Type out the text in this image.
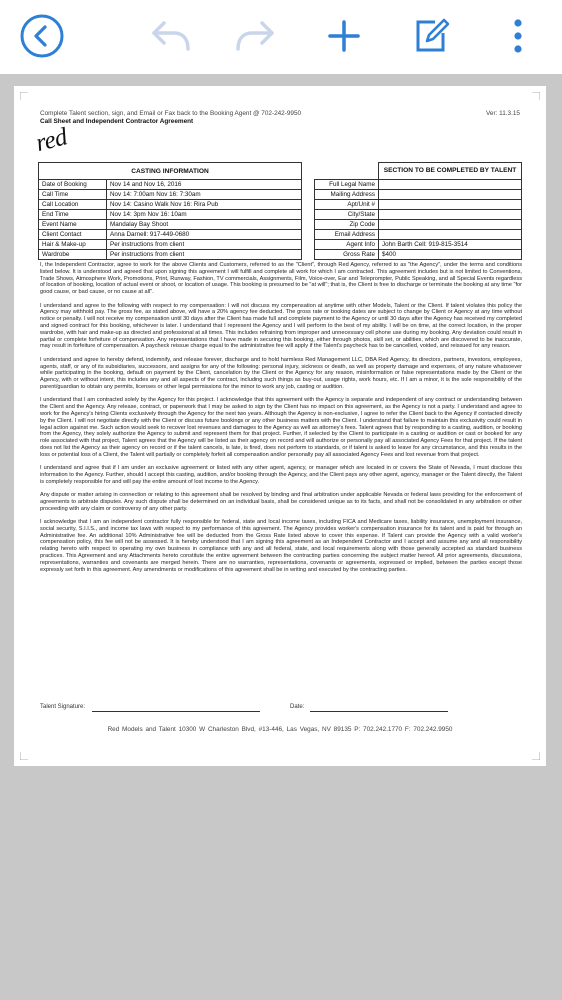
Complete Talent section, sign, and Email or Fax back to the Booking Agent @ 702-242-9950	Ver: 11.3.15
Call Sheet and Independent Contractor Agreement
red
CASTING INFORMATION	
Date of Booking	Nov 14 and Nov 16, 2016
Call Time	Nov 14: 7:00am Nov 16: 7:30am
Call Location	Nov 14: Casino Walk Nov 16: Rira Pub
End Time	Nov 14: 3pm Nov 16: 10am
Event Name	Mandalay Bay Shoot
Client Contact	Anna Darnell: 917-449-0680
Hair & Make-up	Per instructions from client
Wardrobe	Per instructions from client
	SECTION TO BE COMPLETED BY TALENT
Full Legal Name	
Mailing Address	
Apt/Unit #	
City/State	
Zip Code	
Email Address	
Agent Info	John Barth Cell: 919-815-3514
Gross Rate	$400

I, the Independent Contractor, agree to work for the above Clients and Customers, referred to as the "Client", through Red Agency, referred to as "the Agency", under the terms and conditions listed below. It is understood and agreed that upon signing this agreement I will fulfill and complete all work for which I am contracted. This agreement includes but is not limited to Conventions, Trade Shows, Atmosphere Work, Promotions, Print, Runway, Fashion, TV commercials, Assignments, Film, Voice-over, Ear and Teleprompter, Public Speaking, and all Special Events regardless of location of booking, location of actual event or shoot, or location of usage. This booking is presumed to be "at will"; that is, the Client is free to discharge or terminate the booking at any time "for good cause, or bad cause, or no cause at all".

I understand and agree to the following with respect to my compensation: I will not discuss my compensation at anytime with other Models, Talent or the Client. If talent violates this policy the Agency may withhold pay. The gross fee, as stated above, will have a 20% agency fee deducted. The gross rate or booking dates are subject to change by Client or Agency at any time without notice or penalty. I will not receive my compensation until 30 days after the Client has made full and complete payment to the Agency or until 30 days after the Agency has received my completed and signed contract for this booking, whichever is later. I understand that I represent the Agency and I will perform to the best of my ability. I will be on time, at the correct location, in the proper wardrobe, with hair and make-up as directed and professional at all times. This includes refraining from improper and unnecessary cell phone use during my booking. Any deviation could result in partial or complete forfeiture of compensation. Any representations that I have made in securing this booking, either through photos, skill set, or abilities, which are discovered to be inaccurate, may result in forfeiture of compensation. A paycheck reissue charge equal to the administrative fee will apply if the Talent's paycheck has to be cancelled, voided, and reissued for any reason.

I understand and agree to hereby defend, indemnify, and release forever, discharge and to hold harmless Red Management LLC, DBA Red Agency, its directors, partners, investors, employees, agents, staff, or any of its subsidiaries, successors, and assigns for any of the following: personal injury, sickness or death, as well as property damage and expenses, of any nature whatsoever while participating in the booking, default on payment by the Client, cancelation by the Client or the Agency for any reason, misinformation or false representations made by the Client or the Agency, with or without intent, this includes any and all aspects of the contract, including such things as buy-out, usage rights, work hours, etc. If I am a minor, it is the sole responsibility of the parent/guardian to obtain any permits, licenses or other legal permissions for the minor to work any job, casting or audition.

I understand that I am contracted solely by the Agency for this project. I acknowledge that this agreement with the Agency is separate and independent of any contract or understanding between the Client and the Agency. Any release, contract, or paperwork that I may be asked to sign by the Client has no impact on this agreement, as the Agency is not a party. I understand and agree to work for the Agency's hiring Clients exclusively through the Agency for the next two years. Although the Agency is non-exclusive, I agree to refer the Client back to the Agency if contacted directly by the Client. I will not negotiate directly with the Client or discuss future bookings or any other business matters with the Client. I understand that failure to maintain this exclusivity could result in legal action against me. Such action would seek to recover lost revenues and damages to the Agency as well as attorney's fees. Talent agrees that by responding to a casting, audition, or booking from the Agency, they solely authorize the Agency to submit and represent them for that project. Further, if selected by the Client to participate in a casting or audition or cast or booked for any role associated with that project, Talent agrees that the Agency will be listed as their agency on record and will authorize or personally pay all associated Agency Fees for that project. If the talent does not list the Agency as their agency on record or if the talent cancels, is late, is fired, does not perform to standards, or if talent is asked to leave for any circumstance, and this results in the loss or potential loss of a Client, the Talent will partially or completely forfeit all compensation and/or personally pay all associated Agency Fees and lost revenue from that project.

I understand and agree that if I am under an exclusive agreement or listed with any other agent, agency, or manager which are located in or covers the State of Nevada, I must disclose this information to the Agency. Further, should I accept this casting, audition, and/or booking through the Agency, and the Client pays any other agent, agency, manager or the Talent directly, the Talent is completely responsible for and will pay the entire amount of lost income to the Agency.

Any dispute or matter arising in connection or relating to this agreement shall be resolved by binding and final arbitration under applicable Nevada or federal laws providing for the enforcement of agreements to arbitrate disputes. Any such dispute shall be determined on an individual basis, shall be considered unique as to its facts, and shall not be consolidated in any arbitration or other proceeding with any claim or controversy of any other party.

I acknowledge that I am an independent contractor fully responsible for federal, state and local income taxes, including FICA and Medicare taxes, liability insurance, unemployment insurance, social security, S.I.I.S., and income tax laws with respect to my performance of this agreement. The Agency provides worker's compensation insurance for its talent and is paid for through an Administrative fee. An additional 10% Administrative fee will be deducted from the Gross Rate listed above to cover this expense. If Talent can provide the Agency with a valid worker's compensation policy, this fee will not be assessed. It is hereby understood that I am signing this agreement as an Independent Contractor and I accept and assume any and all responsibility relating hereto with respect to operating my own business in compliance with any and all federal, state, and local requirements along with those generally accepted as standard business practices. This Agreement and any Attachments hereto constitute the entire agreement between the contracting parties concerning the subject matter hereof. All prior agreements, discussions, representations, warranties and covenants are merged herein. There are no warranties, representations, covenants or agreements, expressed or implied, between the parties except those expressly set forth in this agreement. Any amendments or modifications of this agreement shall be in writing and executed by the contracting parties.

Talent Signature:	Date:
Red Models and Talent 10300 W Charleston Blvd, #13-446, Las Vegas, NV 89135 P: 702.242.1770 F: 702.242.9950
